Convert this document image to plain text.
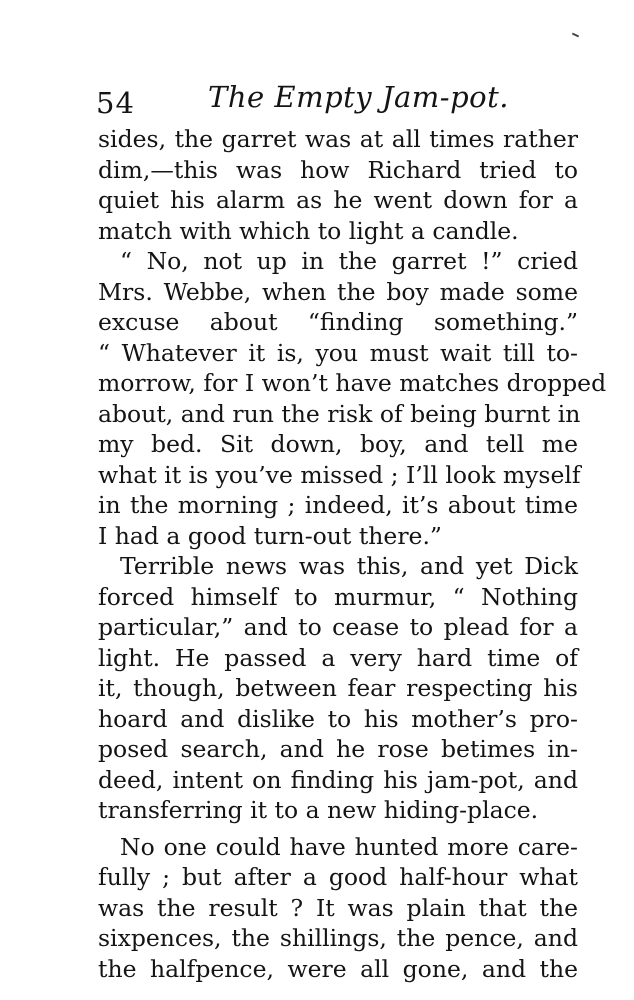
54	The Empty Jam-pot.
sides, the garret was at all times rather
dim,—this was how Richard tried to
quiet his alarm as he went down for a
match with which to light a candle.
“ No, not up in the garret !” cried
Mrs. Webbe, when the boy made some
excuse about “finding something.”
“ Whatever it is, you must wait till to-
morrow, for I won’t have matches dropped
about, and run the risk of being burnt in
my bed. Sit down, boy, and tell me
what it is you’ve missed ; I’ll look myself
in the morning ; indeed, it’s about time
I had a good turn-out there.”
Terrible news was this, and yet Dick
forced himself to murmur, “ Nothing
particular,” and to cease to plead for a
light. He passed a very hard time of
it, though, between fear respecting his
hoard and dislike to his mother’s pro-
posed search, and he rose betimes in-
deed, intent on finding his jam-pot, and
transferring it to a new hiding-place.
No one could have hunted more care-
fully ; but after a good half-hour what
was the result ? It was plain that the
sixpences, the shillings, the pence, and
the halfpence, were all gone, and the
